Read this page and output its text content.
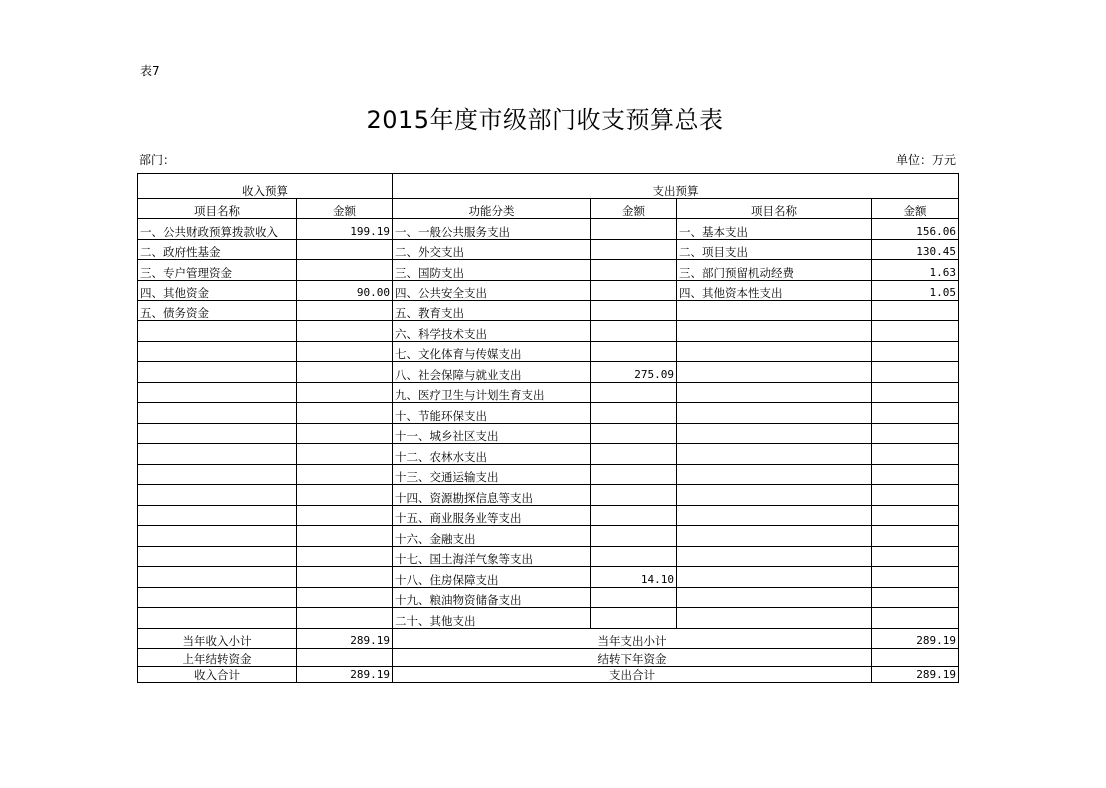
表7
2015年度市级部门收支预算总表
部门：	单位：万元
收入预算		支出预算			
项目名称	金额	功能分类	金额	项目名称	金额
一、公共财政预算拨款收入	199.19	一、一般公共服务支出		一、基本支出	156.06
二、政府性基金		二、外交支出		二、项目支出	130.45
三、专户管理资金		三、国防支出		三、部门预留机动经费	1.63
四、其他资金	90.00	四、公共安全支出		四、其他资本性支出	1.05
五、债务资金		五、教育支出			
		六、科学技术支出			
		七、文化体育与传媒支出			
		八、社会保障与就业支出	275.09		
		九、医疗卫生与计划生育支出			
		十、节能环保支出			
		十一、城乡社区支出			
		十二、农林水支出			
		十三、交通运输支出			
		十四、资源勘探信息等支出			
		十五、商业服务业等支出			
		十六、金融支出			
		十七、国土海洋气象等支出			
		十八、住房保障支出	14.10		
		十九、粮油物资储备支出			
		二十、其他支出			
当年收入小计	289.19	当年支出小计			289.19
上年结转资金		结转下年资金			
收入合计	289.19	支出合计			289.19
